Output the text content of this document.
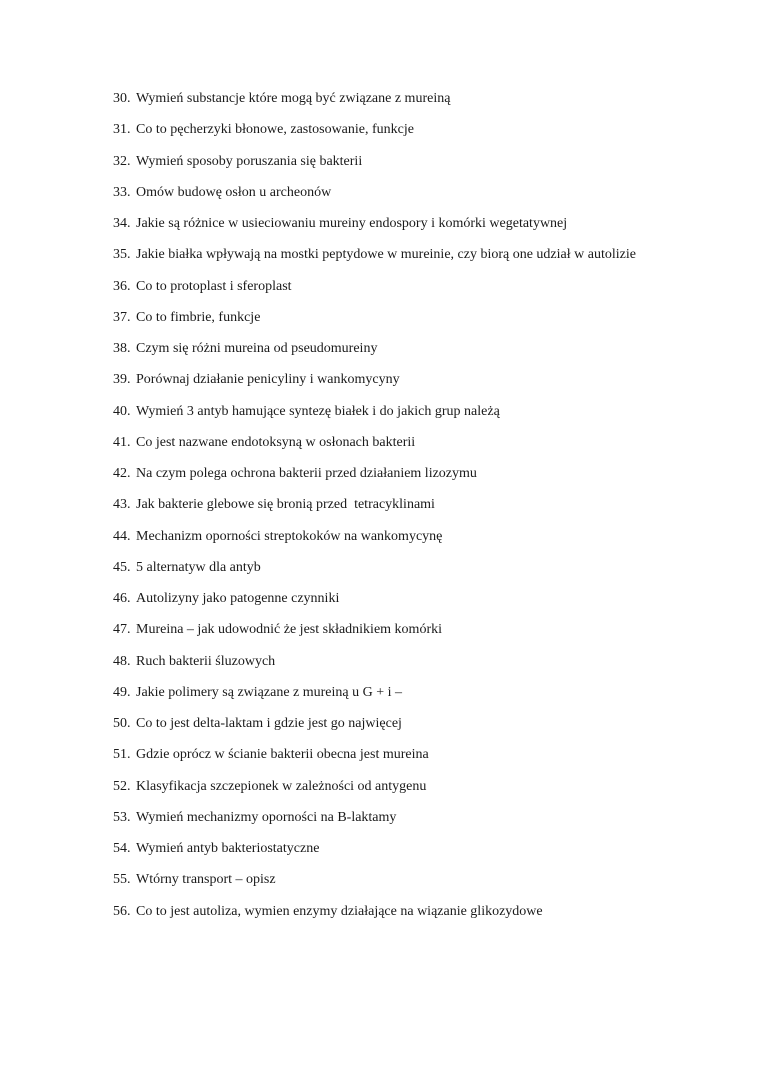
30. Wymień substancje które mogą być związane z mureiną
31. Co to pęcherzyki błonowe, zastosowanie, funkcje
32. Wymień sposoby poruszania się bakterii
33. Omów budowę osłon u archeonów
34. Jakie są różnice w usieciowaniu mureiny endospory i komórki wegetatywnej
35. Jakie białka wpływają na mostki peptydowe w mureinie, czy biorą one udział w autolizie
36. Co to protoplast i sferoplast
37. Co to fimbrie, funkcje
38. Czym się różni mureina od pseudomureiny
39. Porównaj działanie penicyliny i wankomycyny
40. Wymień 3 antyb hamujące syntezę białek i do jakich grup należą
41. Co jest nazwane endotoksyną w osłonach bakterii
42. Na czym polega ochrona bakterii przed działaniem lizozymu
43. Jak bakterie glebowe się bronią przed  tetracyklinami
44. Mechanizm oporności streptokoków na wankomycynę
45. 5 alternatyw dla antyb
46. Autolizyny jako patogenne czynniki
47. Mureina – jak udowodnić że jest składnikiem komórki
48. Ruch bakterii śluzowych
49. Jakie polimery są związane z mureiną u G + i –
50. Co to jest delta-laktam i gdzie jest go najwięcej
51. Gdzie oprócz w ścianie bakterii obecna jest mureina
52. Klasyfikacja szczepionek w zależności od antygenu
53. Wymień mechanizmy oporności na B-laktamy
54. Wymień antyb bakteriostatyczne
55. Wtórny transport – opisz
56. Co to jest autoliza, wymien enzymy działające na wiązanie glikozydowe
